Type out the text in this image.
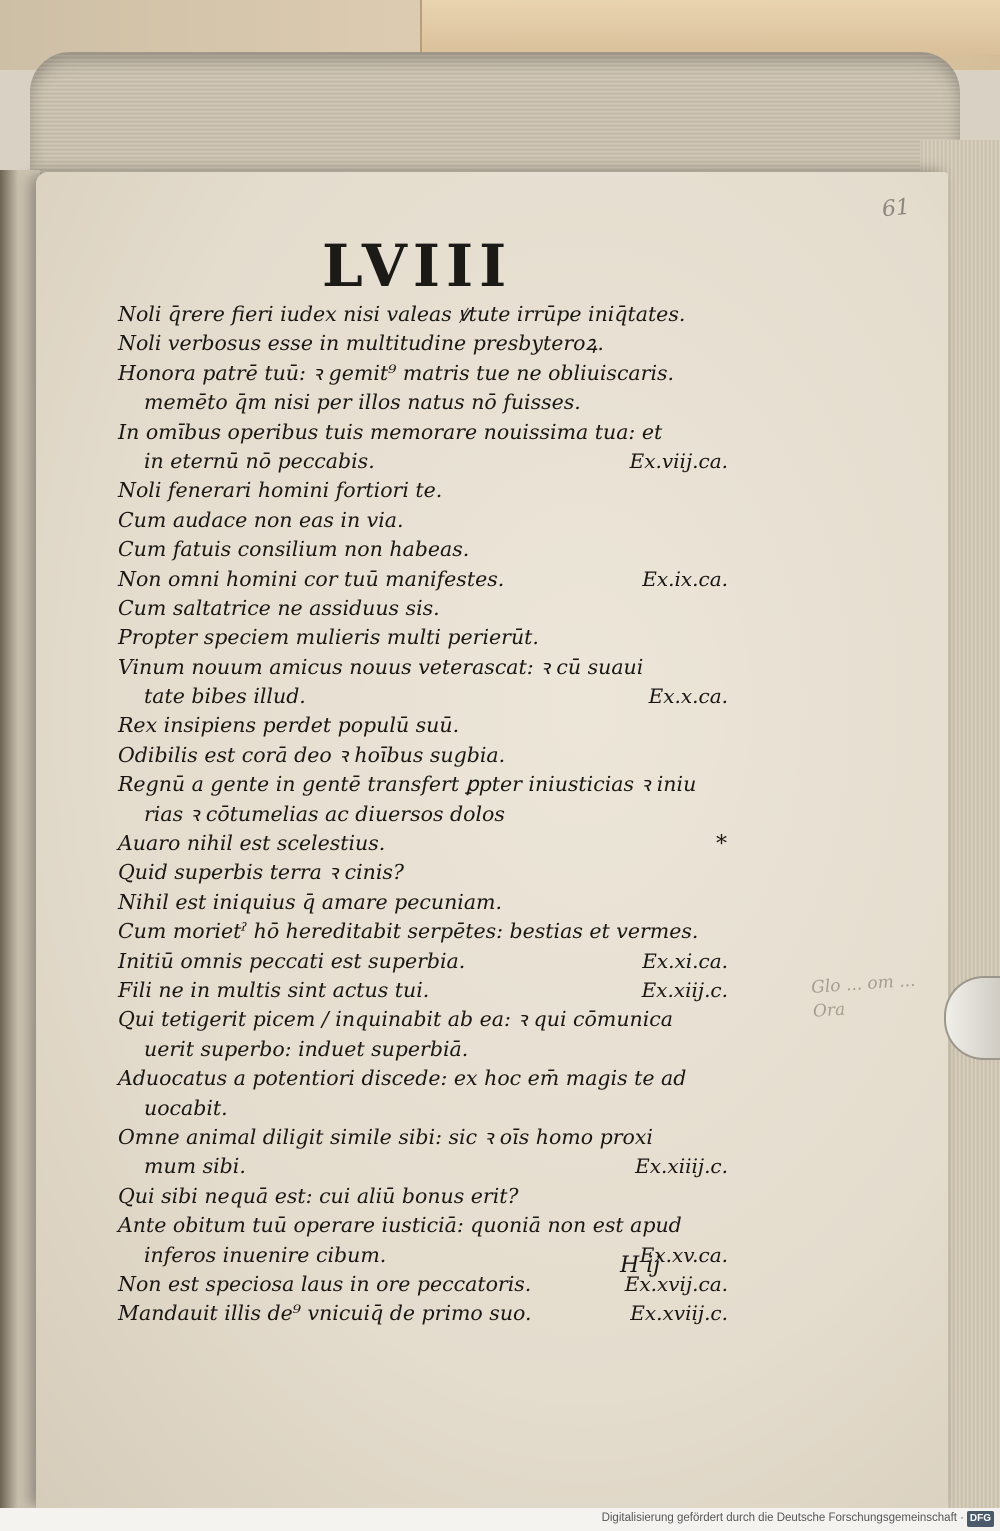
61
LVIII
Noli q̄rere fieri iudex nisi valeas ꝟtute irrūpe iniq̄tates.
Noli verbosus esse in multitudine presbyteroꝝ.
Honora patrē tuū: ꝛ gemit⁹ matris tue ne obliuiscaris.
memēto q̄m nisi per illos natus nō fuisses.
In omībus operibus tuis memorare nouissima tua: et
in eternū nō peccabis.	Ex.viij.ca.
Noli fenerari homini fortiori te.
Cum audace non eas in via.
Cum fatuis consilium non habeas.
Non omni homini cor tuū manifestes.	Ex.ix.ca.
Cum saltatrice ne assiduus sis.
Propter speciem mulieris multi perierūt.
Vinum nouum amicus nouus veterascat: ꝛ cū suaui
tate bibes illud.	Ex.x.ca.
Rex insipiens perdet populū suū.
Odibilis est corā deo ꝛ hoībus sugbia.
Regnū a gente in gentē transfert ꝑpter iniusticias ꝛ iniu
rias ꝛ cōtumelias ac diuersos dolos
Auaro nihil est scelestius.
Quid superbis terra ꝛ cinis?
Nihil est iniquius q̄ amare pecuniam.
Cum morietˀ hō hereditabit serpētes: bestias et vermes.
Initiū omnis peccati est superbia.	Ex.xi.ca.
Fili ne in multis sint actus tui.	Ex.xiij.c.
Qui tetigerit picem / inquinabit ab ea: ꝛ qui cōmunica
uerit superbo: induet superbiā.
Aduocatus a potentiori discede: ex hoc em̄ magis te ad
uocabit.
Omne animal diligit simile sibi: sic ꝛ oīs homo proxi
mum sibi.	Ex.xiiij.c.
Qui sibi nequā est: cui aliū bonus erit?
Ante obitum tuū operare iusticiā: quoniā non est apud
inferos inuenire cibum.	Ex.xv.ca.
Non est speciosa laus in ore peccatoris.	Ex.xvij.ca.
Mandauit illis de⁹ vnicuiq̄ de primo suo.	Ex.xviij.c.
*
H ij
Glo ... om ... Ora
Digitalisierung gefördert durch die Deutsche Forschungsgemeinschaft · DFG
